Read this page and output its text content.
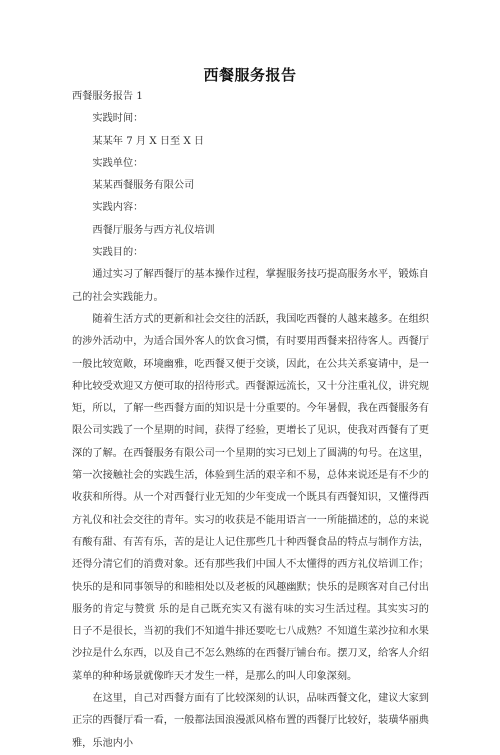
西餐服务报告

西餐服务报告 1

实践时间：

某某年 7 月 X 日至 X 日

实践单位：

某某西餐服务有限公司

实践内容：

西餐厅服务与西方礼仪培训

实践目的：

通过实习了解西餐厅的基本操作过程，掌握服务技巧提高服务水平，锻炼自己的社会实践能力。

随着生活方式的更新和社会交往的活跃，我国吃西餐的人越来越多。在组织的涉外活动中，为适合国外客人的饮食习惯，有时要用西餐来招待客人。西餐厅一般比较宽敞，环境幽雅，吃西餐又便于交谈，因此，在公共关系宴请中，是一种比较受欢迎又方便可取的招待形式。西餐源远流长，又十分注重礼仪，讲究规矩，所以，了解一些西餐方面的知识是十分重要的。今年暑假，我在西餐服务有限公司实践了一个星期的时间，获得了经验，更增长了见识，使我对西餐有了更深的了解。在西餐服务有限公司一个星期的实习已划上了圆满的句号。在这里，第一次接触社会的实践生活，体验到生活的艰辛和不易，总体来说还是有不少的收获和所得。从一个对西餐行业无知的少年变成一个既具有西餐知识，又懂得西方礼仪和社会交往的青年。实习的收获是不能用语言一一所能描述的，总的来说有酸有甜、有苦有乐，苦的是让人记住那些几十种西餐食品的特点与制作方法，还得分清它们的消费对象。还有那些我们中国人不太懂得的西方礼仪培训工作；快乐的是和同事领导的和睦相处以及老板的风趣幽默；快乐的是顾客对自己付出服务的肯定与赞赏 乐的是自己既充实又有滋有味的实习生活过程。其实实习的日子不是很长，当初的我们不知道牛排还要吃七八成熟？不知道生菜沙拉和水果沙拉是什么东西，以及自己不怎么熟练的在西餐厅铺台布。摆刀叉，给客人介绍菜单的种种场景就像昨天才发生一样，是那么的叫人印象深刻。

在这里，自己对西餐方面有了比较深刻的认识，品味西餐文化，建议大家到正宗的西餐厅看一看，一般都法国浪漫派风格布置的西餐厅比较好，装璜华丽典雅，乐池内小
